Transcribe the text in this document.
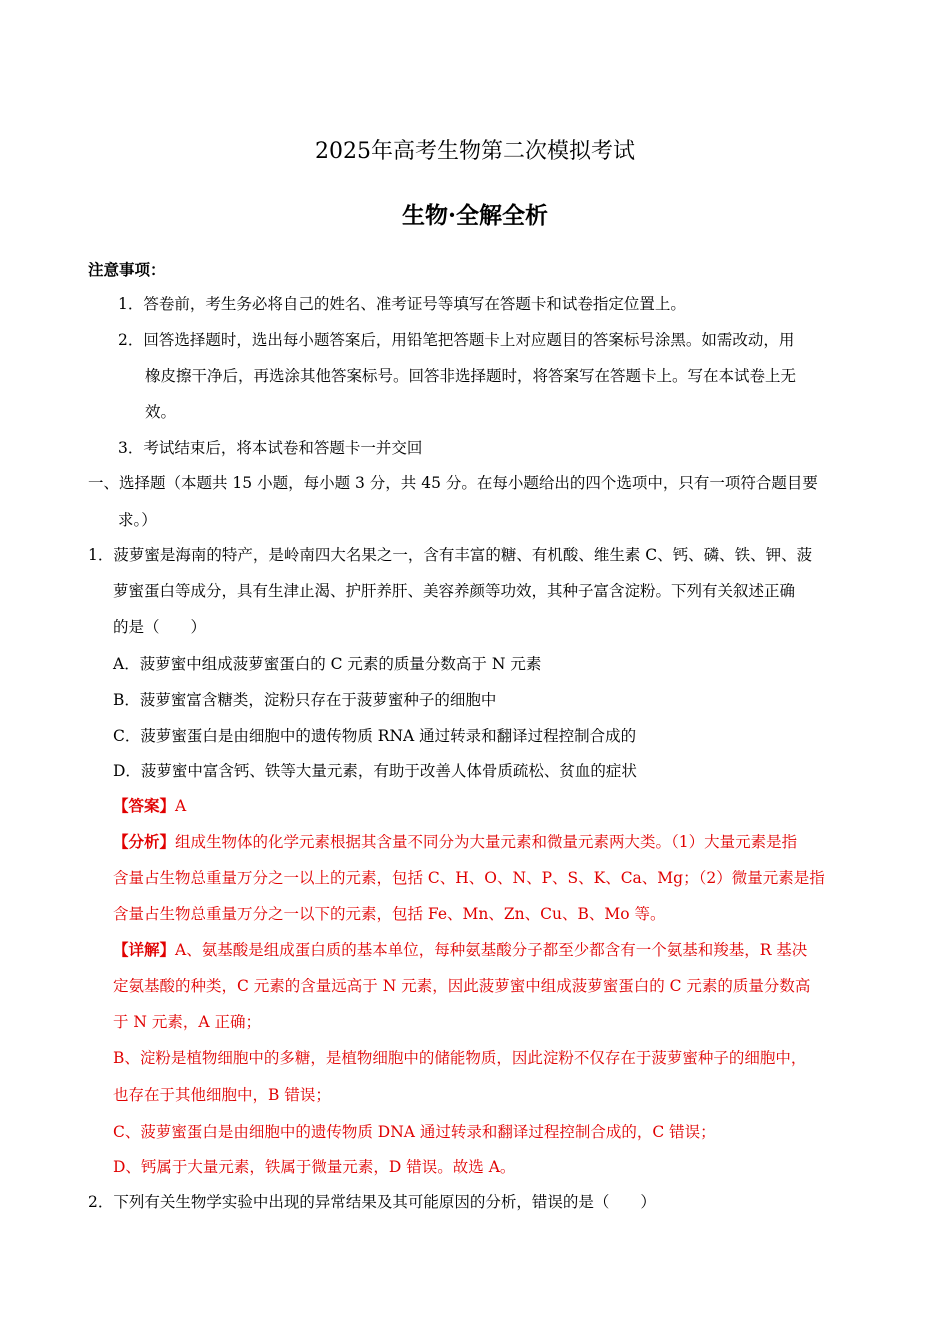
2025年高考生物第二次模拟考试
生物·全解全析
注意事项：
1．答卷前，考生务必将自己的姓名、准考证号等填写在答题卡和试卷指定位置上。
2．回答选择题时，选出每小题答案后，用铅笔把答题卡上对应题目的答案标号涂黑。如需改动，用
橡皮擦干净后，再选涂其他答案标号。回答非选择题时，将答案写在答题卡上。写在本试卷上无
效。
3．考试结束后，将本试卷和答题卡一并交回
一、选择题（本题共 15 小题，每小题 3 分，共 45 分。在每小题给出的四个选项中，只有一项符合题目要
求。）
1．菠萝蜜是海南的特产，是岭南四大名果之一，含有丰富的糖、有机酸、维生素 C、钙、磷、铁、钾、菠
萝蜜蛋白等成分，具有生津止渴、护肝养肝、美容养颜等功效，其种子富含淀粉。下列有关叙述正确
的是（　　）
A．菠萝蜜中组成菠萝蜜蛋白的 C 元素的质量分数高于 N 元素
B．菠萝蜜富含糖类，淀粉只存在于菠萝蜜种子的细胞中
C．菠萝蜜蛋白是由细胞中的遗传物质 RNA 通过转录和翻译过程控制合成的
D．菠萝蜜中富含钙、铁等大量元素，有助于改善人体骨质疏松、贫血的症状
【答案】A
【分析】组成生物体的化学元素根据其含量不同分为大量元素和微量元素两大类。（1）大量元素是指
含量占生物总重量万分之一以上的元素，包括 C、H、O、N、P、S、K、Ca、Mg；（2）微量元素是指
含量占生物总重量万分之一以下的元素，包括 Fe、Mn、Zn、Cu、B、Mo 等。
【详解】A、氨基酸是组成蛋白质的基本单位，每种氨基酸分子都至少都含有一个氨基和羧基，R 基决
定氨基酸的种类，C 元素的含量远高于 N 元素，因此菠萝蜜中组成菠萝蜜蛋白的 C 元素的质量分数高
于 N 元素，A 正确；
B、淀粉是植物细胞中的多糖，是植物细胞中的储能物质，因此淀粉不仅存在于菠萝蜜种子的细胞中，
也存在于其他细胞中，B 错误；
C、菠萝蜜蛋白是由细胞中的遗传物质 DNA 通过转录和翻译过程控制合成的，C 错误；
D、钙属于大量元素，铁属于微量元素，D 错误。故选 A。
2．下列有关生物学实验中出现的异常结果及其可能原因的分析，错误的是（　　）
